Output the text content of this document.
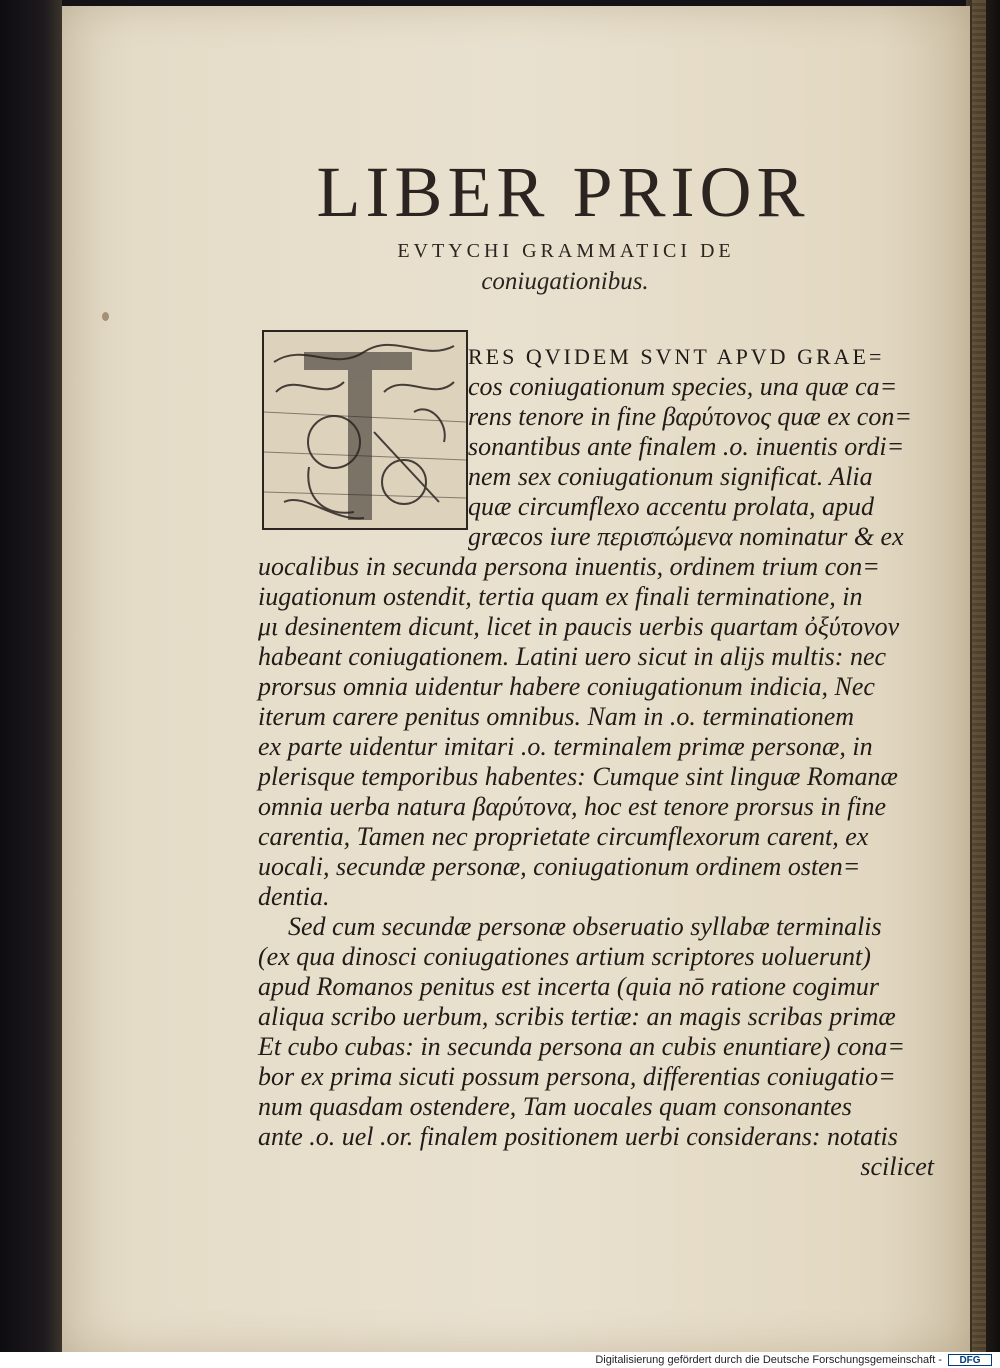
LIBER PRIOR
EVTYCHI GRAMMATICI DE
coniugationibus.
RES QVIDEM SVNT APVD GRAE=
cos coniugationum species, una quæ ca=
rens tenore in fine βαρύτονος quæ ex con=
sonantibus ante finalem .o. inuentis ordi=
nem sex coniugationum significat. Alia
quæ circumflexo accentu prolata, apud
græcos iure περισπώμενα nominatur & ex
uocalibus in secunda persona inuentis, ordinem trium con=
iugationum ostendit, tertia quam ex finali terminatione, in
μι desinentem dicunt, licet in paucis uerbis quartam ὀξύτονον
habeant coniugationem. Latini uero sicut in alijs multis: nec
prorsus omnia uidentur habere coniugationum indicia, Nec
iterum carere penitus omnibus. Nam in .o. terminationem
ex parte uidentur imitari .o. terminalem primæ personæ, in
plerisque temporibus habentes: Cumque sint linguæ Romanæ
omnia uerba natura βαρύτονα, hoc est tenore prorsus in fine
carentia, Tamen nec proprietate circumflexorum carent, ex
uocali, secundæ personæ, coniugationum ordinem osten=
dentia.
Sed cum secundæ personæ obseruatio syllabæ terminalis
(ex qua dinosci coniugationes artium scriptores uoluerunt)
apud Romanos penitus est incerta (quia nō ratione cogimur
aliqua scribo uerbum, scribis tertiæ: an magis scribas primæ
Et cubo cubas: in secunda persona an cubis enuntiare) cona=
bor ex prima sicuti possum persona, differentias coniugatio=
num quasdam ostendere, Tam uocales quam consonantes
ante .o. uel .or. finalem positionem uerbi considerans: notatis
scilicet
Digitalisierung gefördert durch die Deutsche Forschungsgemeinschaft -	DFG
